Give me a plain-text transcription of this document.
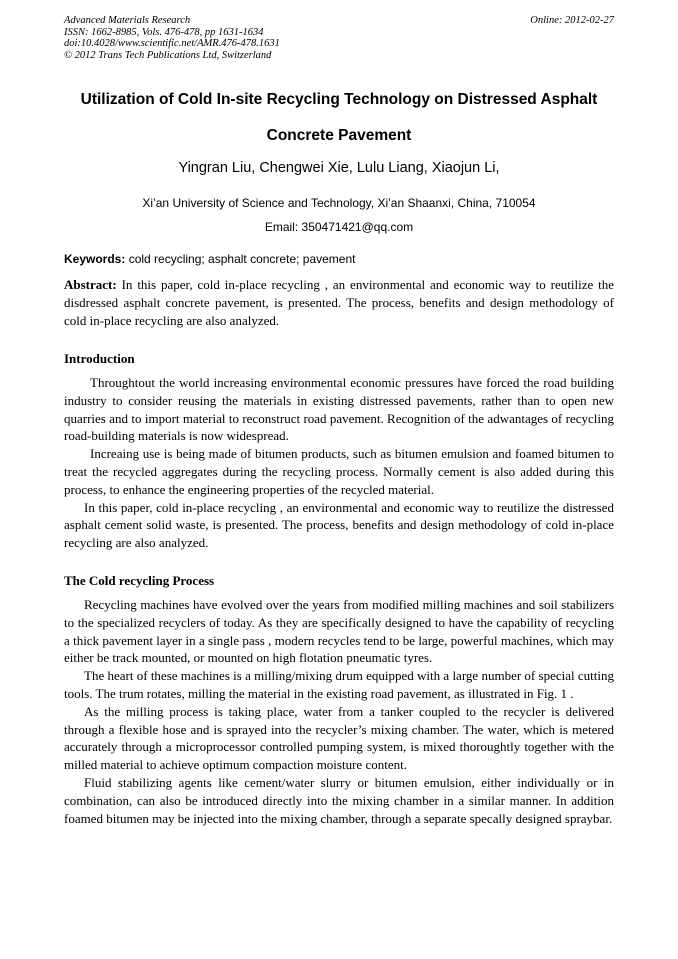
Advanced Materials Research
ISSN: 1662-8985, Vols. 476-478, pp 1631-1634
doi:10.4028/www.scientific.net/AMR.476-478.1631
© 2012 Trans Tech Publications Ltd, Switzerland
Online: 2012-02-27
Utilization of Cold In-site Recycling Technology on Distressed Asphalt
Concrete Pavement
Yingran Liu, Chengwei Xie, Lulu Liang, Xiaojun Li,
Xi’an University of Science and Technology, Xi’an Shaanxi, China, 710054
Email: 350471421@qq.com
Keywords: cold recycling; asphalt concrete; pavement

Abstract: In this paper, cold in-place recycling , an environmental and economic way to reutilize the disdressed asphalt concrete pavement, is presented. The process, benefits and design methodology of cold in-place recycling are also analyzed.

Introduction

Throughtout the world increasing environmental economic pressures have forced the road building industry to consider reusing the materials in existing distressed pavements, rather than to open new quarries and to import material to reconstruct road pavement. Recognition of the adwantages of recycling road-building materials is now widespread.

Increaing use is being made of bitumen products, such as bitumen emulsion and foamed bitumen to treat the recycled aggregates during the recycling process. Normally cement is also added during this process, to enhance the engineering properties of the recycled material.

In this paper, cold in-place recycling , an environmental and economic way to reutilize the distressed asphalt cement solid waste, is presented. The process, benefits and design methodology of cold in-place recycling are also analyzed.

The Cold recycling Process

Recycling machines have evolved over the years from modified milling machines and soil stabilizers to the specialized recyclers of today. As they are specifically designed to have the capability of recycling a thick pavement layer in a single pass , modern recycles tend to be large, powerful machines, which may either be track mounted, or mounted on high flotation pneumatic tyres.

The heart of these machines is a milling/mixing drum equipped with a large number of special cutting tools. The trum rotates, milling the material in the existing road pavement, as illustrated in Fig. 1 .

As the milling process is taking place, water from a tanker coupled to the recycler is delivered through a flexible hose and is sprayed into the recycler’s mixing chamber. The water, which is metered accurately through a microprocessor controlled pumping system, is mixed thoroughtly together with the milled material to achieve optimum compaction moisture content.

Fluid stabilizing agents like cement/water slurry or bitumen emulsion, either individually or in combination, can also be introduced directly into the mixing chamber in a similar manner. In addition foamed bitumen may be injected into the mixing chamber, through a separate specally designed spraybar.
